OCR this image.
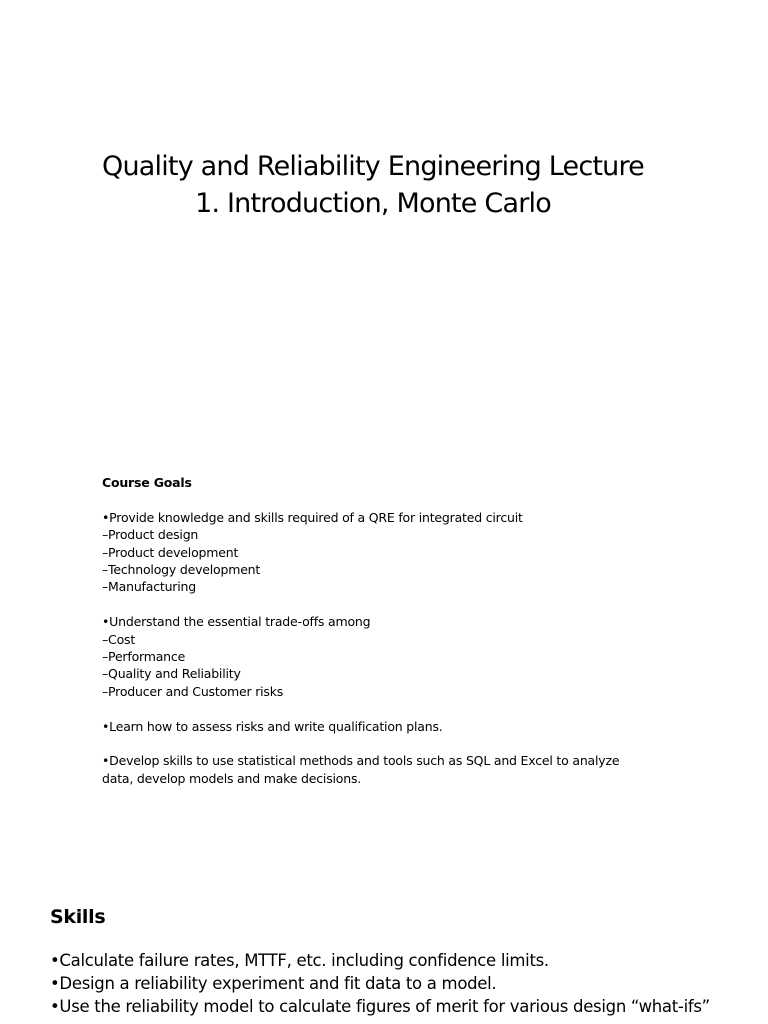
Quality and Reliability Engineering Lecture
1. Introduction, Monte Carlo
Course Goals
•Provide knowledge and skills required of a QRE for integrated circuit
–Product design
–Product development
–Technology development
–Manufacturing
•Understand the essential trade-offs among
–Cost
–Performance
–Quality and Reliability
–Producer and Customer risks
•Learn how to assess risks and write qualification plans.
•Develop skills to use statistical methods and tools such as SQL and Excel to analyze
data, develop models and make decisions.
Skills
•Calculate failure rates, MTTF, etc. including confidence limits.
•Design a reliability experiment and fit data to a model.
•Use the reliability model to calculate figures of merit for various design “what-ifs”
